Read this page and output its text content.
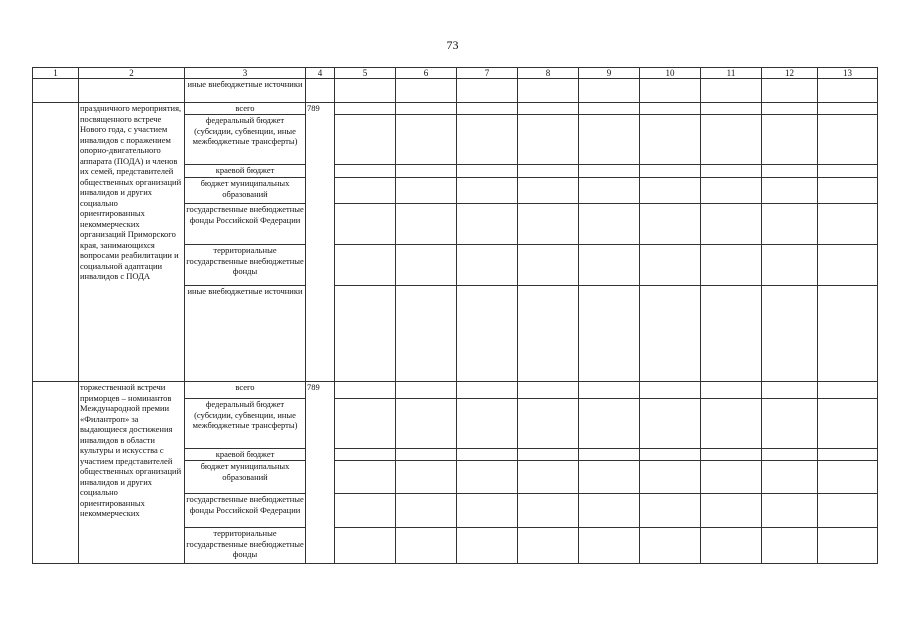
73
1	2	3	4	5	6	7	8	9	10	11	12	13
		иные внебюджетные источники										
	праздничного мероприятия, посвященного встрече Нового года, с участием инвалидов с поражением опорно-двигательного аппарата (ПОДА) и членов их семей, представителей общественных организаций инвалидов и других социально ориентированных некоммерческих организаций Приморского края, занимающихся вопросами реабилитации и социальной адаптации инвалидов с ПОДА	всего	789									
		федеральный бюджет (субсидии, субвенции, иные межбюджетные трансферты)										
		краевой бюджет										
		бюджет муниципальных образований										
		государственные внебюджетные фонды Российской Федерации										
		территориальные государственные внебюджетные фонды										
		иные внебюджетные источники										
	торжественной встречи приморцев – номинантов Международной премии «Филантроп» за выдающиеся достижения инвалидов в области культуры и искусства с участием представителей общественных организаций инвалидов и других социально ориентированных некоммерческих	всего	789									
		федеральный бюджет (субсидии, субвенции, иные межбюджетные трансферты)										
		краевой бюджет										
		бюджет муниципальных образований										
		государственные внебюджетные фонды Российской Федерации										
		территориальные государственные внебюджетные фонды										
